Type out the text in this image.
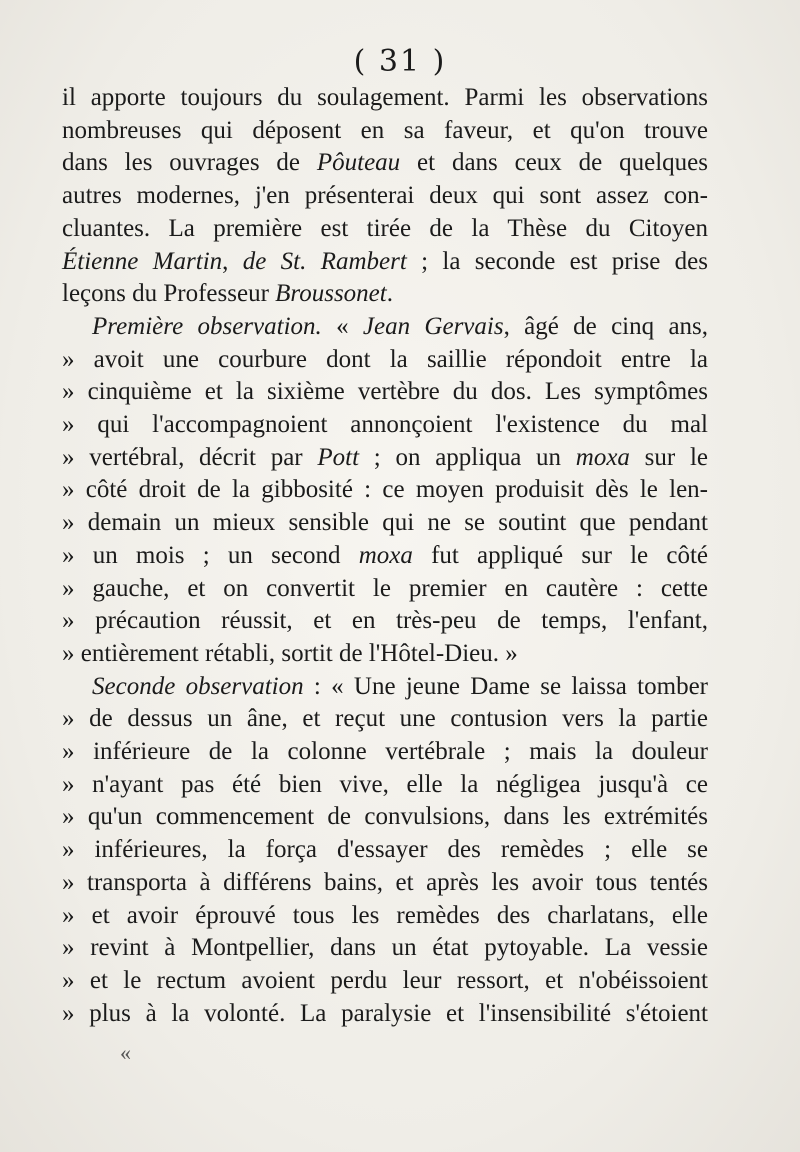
( 31 )
il apporte toujours du soulagement. Parmi les observations
nombreuses qui déposent en sa faveur, et qu'on trouve
dans les ouvrages de Pôuteau et dans ceux de quelques
autres modernes, j'en présenterai deux qui sont assez con-
cluantes. La première est tirée de la Thèse du Citoyen
Étienne Martin, de St. Rambert ; la seconde est prise des
leçons du Professeur Broussonet.
Première observation. « Jean Gervais, âgé de cinq ans,
» avoit une courbure dont la saillie répondoit entre la
» cinquième et la sixième vertèbre du dos. Les symptômes
» qui l'accompagnoient annonçoient l'existence du mal
» vertébral, décrit par Pott ; on appliqua un moxa sur le
» côté droit de la gibbosité : ce moyen produisit dès le len-
» demain un mieux sensible qui ne se soutint que pendant
» un mois ; un second moxa fut appliqué sur le côté
» gauche, et on convertit le premier en cautère : cette
» précaution réussit, et en très-peu de temps, l'enfant,
» entièrement rétabli, sortit de l'Hôtel-Dieu. »
Seconde observation : « Une jeune Dame se laissa tomber
» de dessus un âne, et reçut une contusion vers la partie
» inférieure de la colonne vertébrale ; mais la douleur
» n'ayant pas été bien vive, elle la négligea jusqu'à ce
» qu'un commencement de convulsions, dans les extrémités
» inférieures, la força d'essayer des remèdes ; elle se
» transporta à différens bains, et après les avoir tous tentés
» et avoir éprouvé tous les remèdes des charlatans, elle
» revint à Montpellier, dans un état pytoyable. La vessie
» et le rectum avoient perdu leur ressort, et n'obéissoient
» plus à la volonté. La paralysie et l'insensibilité s'étoient
«
